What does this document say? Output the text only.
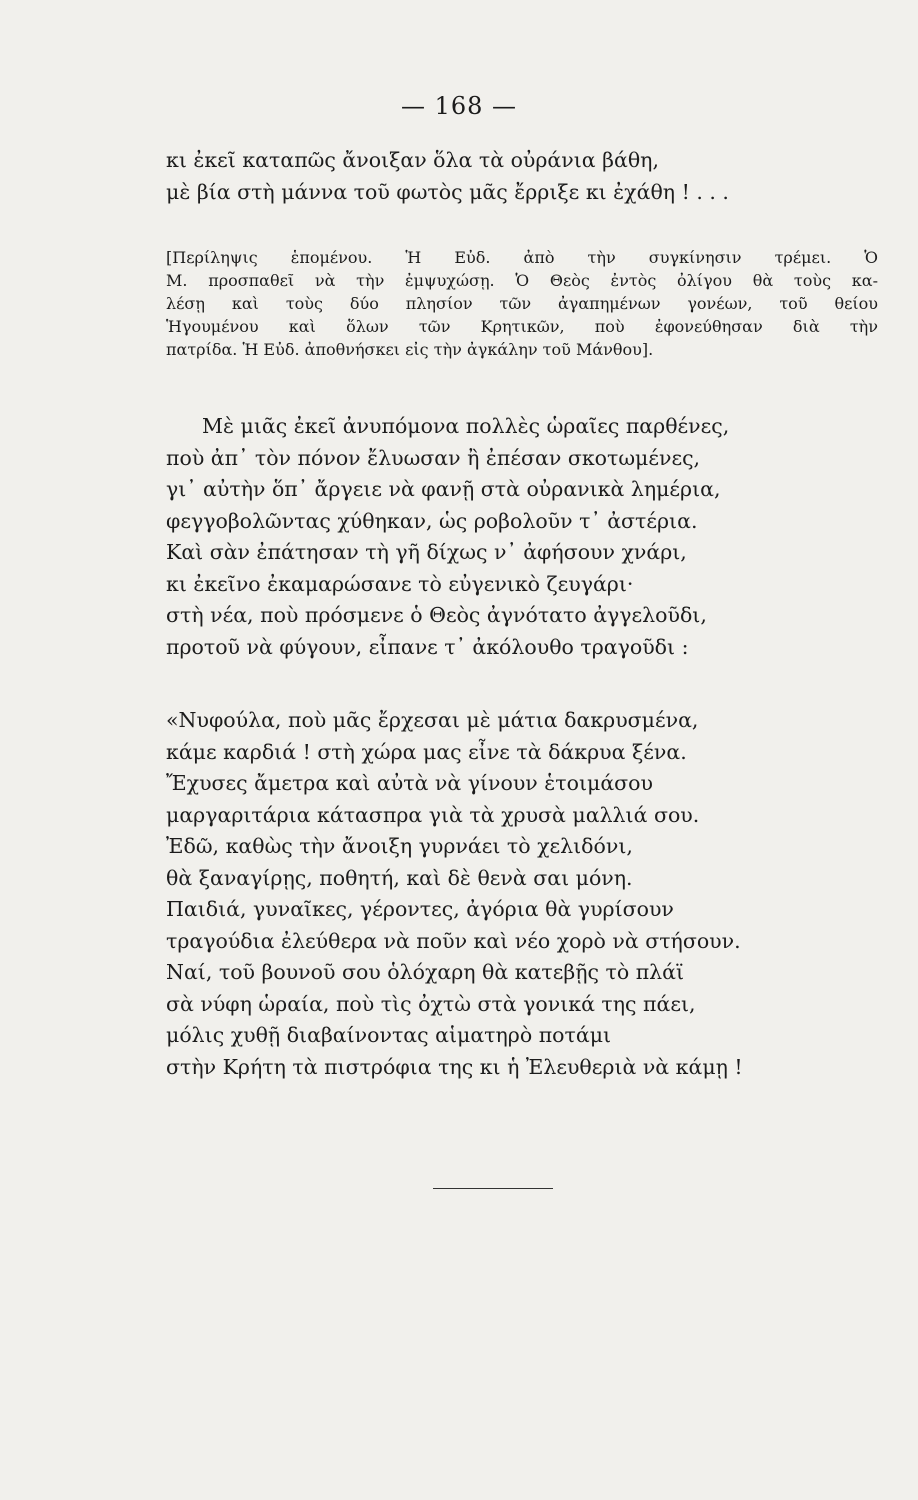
— 168 —
κι ἐκεῖ καταπῶς ἄνοιξαν ὅλα τὰ οὐράνια βάθη,
μὲ βία στὴ μάννα τοῦ φωτὸς μᾶς ἔρριξε κι ἐχάθη ! . . .
[Περίληψις ἑπομένου. Ἡ Εὐδ. ἀπὸ τὴν συγκίνησιν τρέμει. Ὁ
Μ. προσπαθεῖ νὰ τὴν ἐμψυχώσῃ. Ὁ Θεὸς ἐντὸς ὀλίγου θὰ τοὺς κα-
λέσῃ καὶ τοὺς δύο πλησίον τῶν ἀγαπημένων γονέων, τοῦ θείου
Ἡγουμένου καὶ ὅλων τῶν Κρητικῶν, ποὺ ἐφονεύθησαν διὰ τὴν
πατρίδα. Ἡ Εὐδ. ἀποθνήσκει εἰς τὴν ἀγκάλην τοῦ Μάνθου].
Μὲ μιᾶς ἐκεῖ ἀνυπόμονα πολλὲς ὡραῖες παρθένες,
ποὺ ἀπ᾽ τὸν πόνον ἔλυωσαν ἢ ἐπέσαν σκοτωμένες,
γι᾽ αὐτὴν ὅπ᾽ ἄργειε νὰ φανῇ στὰ οὐρανικὰ λημέρια,
φεγγοβολῶντας χύθηκαν, ὡς ροβολοῦν τ᾽ ἀστέρια.
Καὶ σὰν ἐπάτησαν τὴ γῆ δίχως ν᾽ ἀφήσουν χνάρι,
κι ἐκεῖνο ἐκαμαρώσανε τὸ εὐγενικὸ ζευγάρι·
στὴ νέα, ποὺ πρόσμενε ὁ Θεὸς ἀγνότατο ἀγγελοῦδι,
προτοῦ νὰ φύγουν, εἶπανε τ᾽ ἀκόλουθο τραγοῦδι :
«Νυφούλα, ποὺ μᾶς ἔρχεσαι μὲ μάτια δακρυσμένα,
κάμε καρδιά ! στὴ χώρα μας εἶνε τὰ δάκρυα ξένα.
Ἔχυσες ἄμετρα καὶ αὐτὰ νὰ γίνουν ἑτοιμάσου
μαργαριτάρια κάτασπρα γιὰ τὰ χρυσὰ μαλλιά σου.
Ἐδῶ, καθὼς τὴν ἄνοιξη γυρνάει τὸ χελιδόνι,
θὰ ξαναγίρῃς, ποθητή, καὶ δὲ θενὰ σαι μόνη.
Παιδιά, γυναῖκες, γέροντες, ἀγόρια θὰ γυρίσουν
τραγούδια ἐλεύθερα νὰ ποῦν καὶ νέο χορὸ νὰ στήσουν.
Ναί, τοῦ βουνοῦ σου ὁλόχαρη θὰ κατεβῇς τὸ πλάϊ
σὰ νύφη ὡραία, ποὺ τὶς ὀχτὼ στὰ γονικά της πάει,
μόλις χυθῇ διαβαίνοντας αἱματηρὸ ποτάμι
στὴν Κρήτη τὰ πιστρόφια της κι ἡ Ἐλευθεριὰ νὰ κάμῃ !
